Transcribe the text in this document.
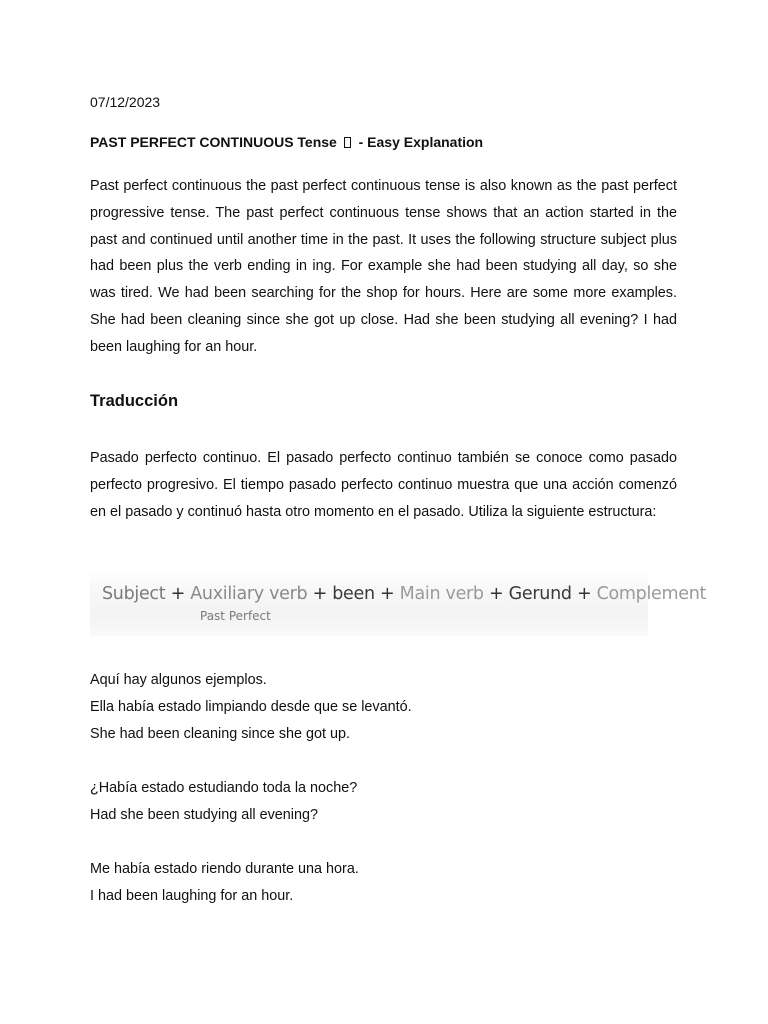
07/12/2023
PAST PERFECT CONTINUOUS Tense - Easy Explanation

Past perfect continuous the past perfect continuous tense is also known as the past perfect progressive tense. The past perfect continuous tense shows that an action started in the past and continued until another time in the past. It uses the following structure subject plus had been plus the verb ending in ing. For example she had been studying all day, so she was tired. We had been searching for the shop for hours. Here are some more examples. She had been cleaning since she got up close. Had she been studying all evening? I had been laughing for an hour.

Traducción

Pasado perfecto continuo. El pasado perfecto continuo también se conoce como pasado perfecto progresivo. El tiempo pasado perfecto continuo muestra que una acción comenzó en el pasado y continuó hasta otro momento en el pasado. Utiliza la siguiente estructura:

Subject + Auxiliary verb + been + Main verb + Gerund + Complement
Past Perfect
Aquí hay algunos ejemplos.
Ella había estado limpiando desde que se levantó.
She had been cleaning since she got up.
¿Había estado estudiando toda la noche?
Had she been studying all evening?
Me había estado riendo durante una hora.
I had been laughing for an hour.
